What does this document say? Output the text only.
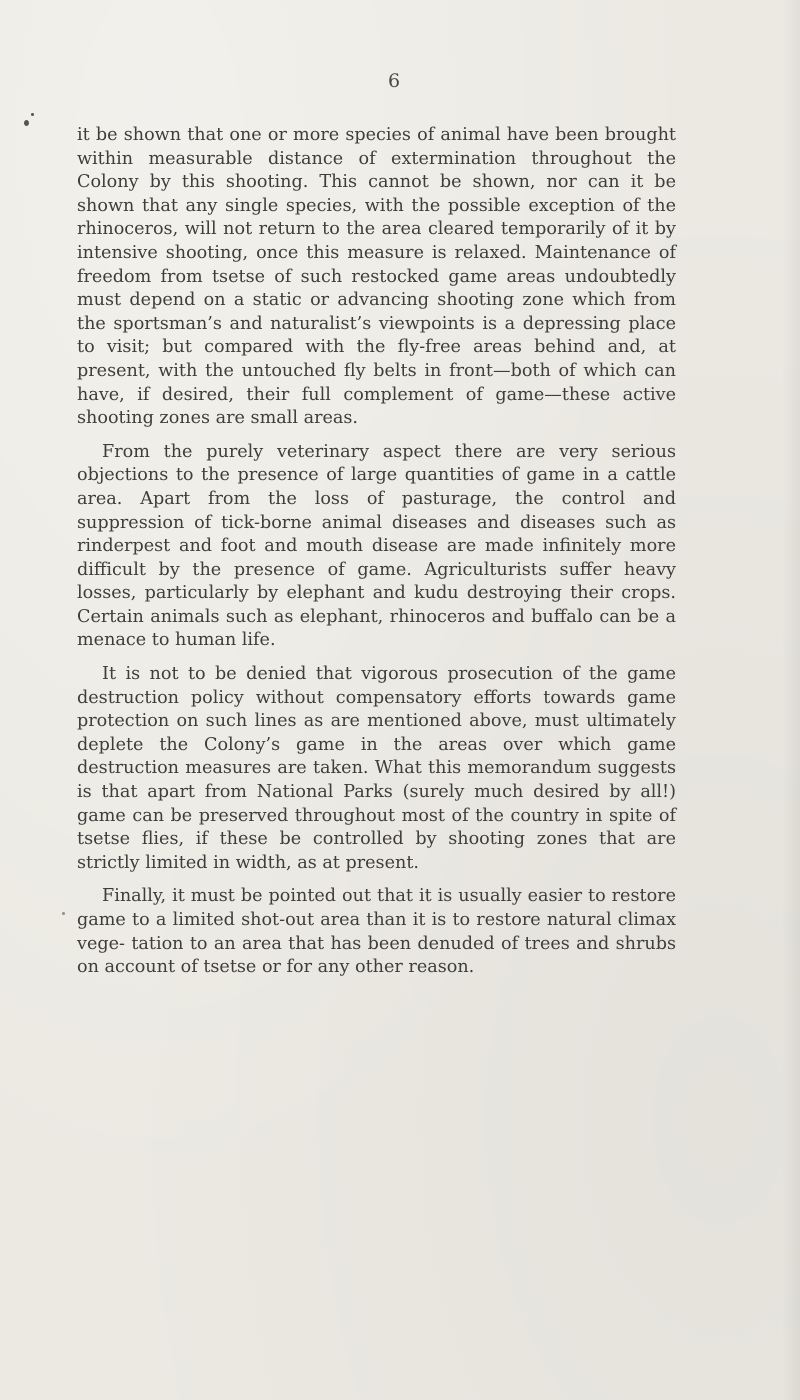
6

it be shown that one or more species of animal have been brought within measurable distance of extermination throughout the Colony by this shooting. This cannot be shown, nor can it be shown that any single species, with the possible exception of the rhinoceros, will not return to the area cleared temporarily of it by intensive shooting, once this measure is relaxed. Maintenance of freedom from tsetse of such restocked game areas undoubtedly must depend on a static or advancing shooting zone which from the sportsman’s and naturalist’s viewpoints is a depressing place to visit; but compared with the fly-free areas behind and, at present, with the untouched fly belts in front—both of which can have, if desired, their full complement of game—these active shooting zones are small areas.

From the purely veterinary aspect there are very serious objections to the presence of large quantities of game in a cattle area. Apart from the loss of pasturage, the control and suppression of tick-borne animal diseases and diseases such as rinderpest and foot and mouth disease are made infinitely more difficult by the presence of game. Agriculturists suffer heavy losses, particularly by elephant and kudu destroying their crops. Certain animals such as elephant, rhinoceros and buffalo can be a menace to human life.

It is not to be denied that vigorous prosecution of the game destruction policy without compensatory efforts towards game protection on such lines as are mentioned above, must ultimately deplete the Colony’s game in the areas over which game destruction measures are taken. What this memorandum suggests is that apart from National Parks (surely much desired by all!) game can be preserved throughout most of the country in spite of tsetse flies, if these be controlled by shooting zones that are strictly limited in width, as at present.

Finally, it must be pointed out that it is usually easier to restore game to a limited shot-out area than it is to restore natural climax vege- tation to an area that has been denuded of trees and shrubs on account of tsetse or for any other reason.
